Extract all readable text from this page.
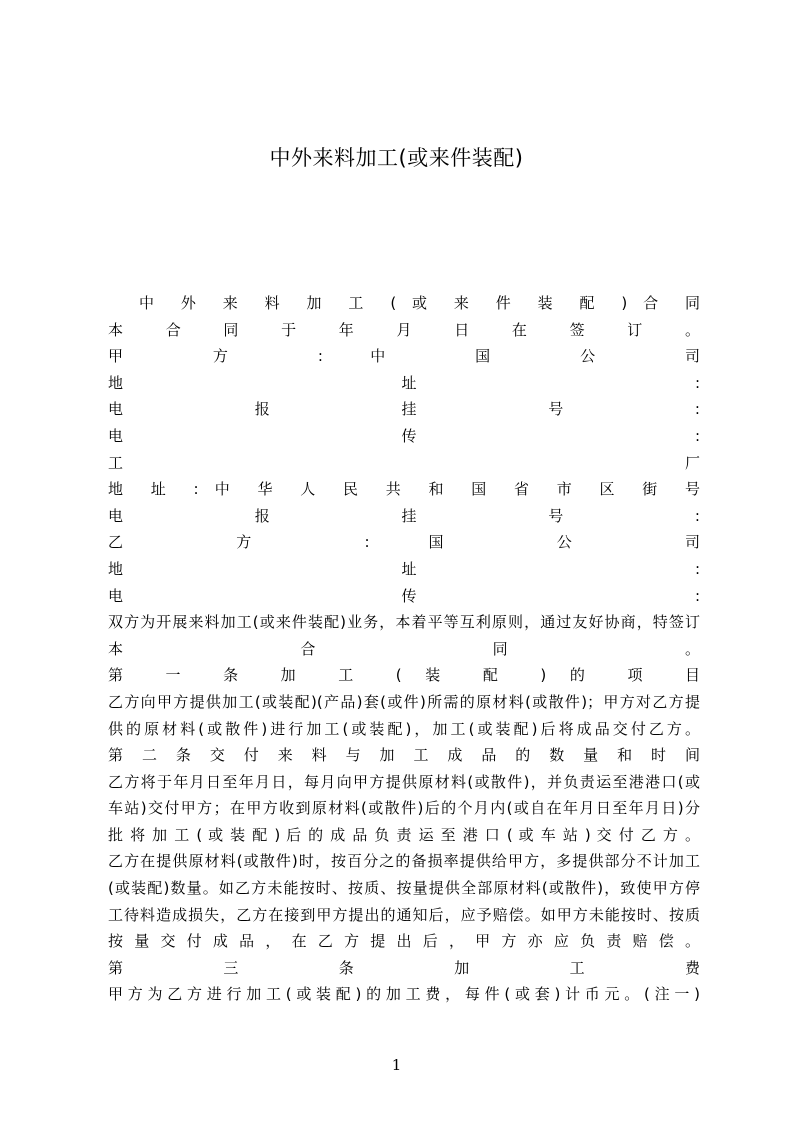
中外来料加工(或来件装配)
中 外 来 料 加 工 ( 或 来 件 装 配 ) 合 同
本 合 同 于 年 月 日 在 签 订 。
甲 方 : 中 国 公 司
地 址 :
电 报 挂 号 :
电 传 :
工 厂
地 址 : 中 华 人 民 共 和 国 省 市 区 街 号
电 报 挂 号 :
乙 方 : 国 公 司
地 址 :
电 传 :
双方为开展来料加工(或来件装配)业务，本着平等互利原则，通过友好协商，特签订
本 合 同 。
第 一 条 加 工 ( 装 配 ) 的 项 目
乙方向甲方提供加工(或装配)(产品)套(或件)所需的原材料(或散件)；甲方对乙方提
供的原材料(或散件)进行加工(或装配)，加工(或装配)后将成品交付乙方。
第 二 条 交 付 来 料 与 加 工 成 品 的 数 量 和 时 间
乙方将于年月日至年月日，每月向甲方提供原材料(或散件)，并负责运至港港口(或
车站)交付甲方；在甲方收到原材料(或散件)后的个月内(或自在年月日至年月日)分
批 将 加 工 ( 或 装 配 ) 后 的 成 品 负 责 运 至 港 口 ( 或 车 站 ) 交 付 乙 方 。
乙方在提供原材料(或散件)时，按百分之的备损率提供给甲方，多提供部分不计加工
(或装配)数量。如乙方未能按时、按质、按量提供全部原材料(或散件)，致使甲方停
工待料造成损失，乙方在接到甲方提出的通知后，应予赔偿。如甲方未能按时、按质
按 量 交 付 成 品 ， 在 乙 方 提 出 后 ， 甲 方 亦 应 负 责 赔 偿 。
第 三 条 加 工 费
甲方为乙方进行加工(或装配)的加工费，每件(或套)计币元。(注一)
1
